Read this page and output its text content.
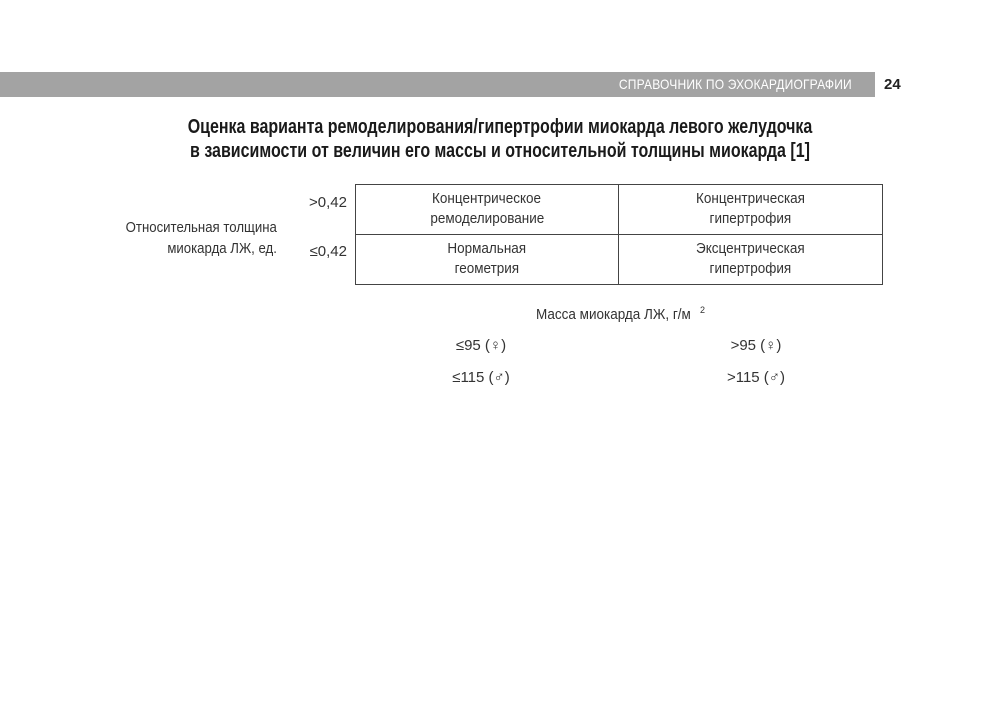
СПРАВОЧНИК ПО ЭХОКАРДИОГРАФИИ 24
Оценка варианта ремоделирования/гипертрофии миокарда левого желудочка
в зависимости от величин его массы и относительной толщины миокарда [1]
Относительная толщина
миокарда ЛЖ, ед.
>0,42
≤0,42
Концентрическое
ремоделирование
Концентрическая
гипертрофия
Нормальная
геометрия
Эксцентрическая
гипертрофия
Масса миокарда ЛЖ, г/м $^2$
≤95 (♀)
≤115 (♂)
>95 (♀)
>115 (♂)
